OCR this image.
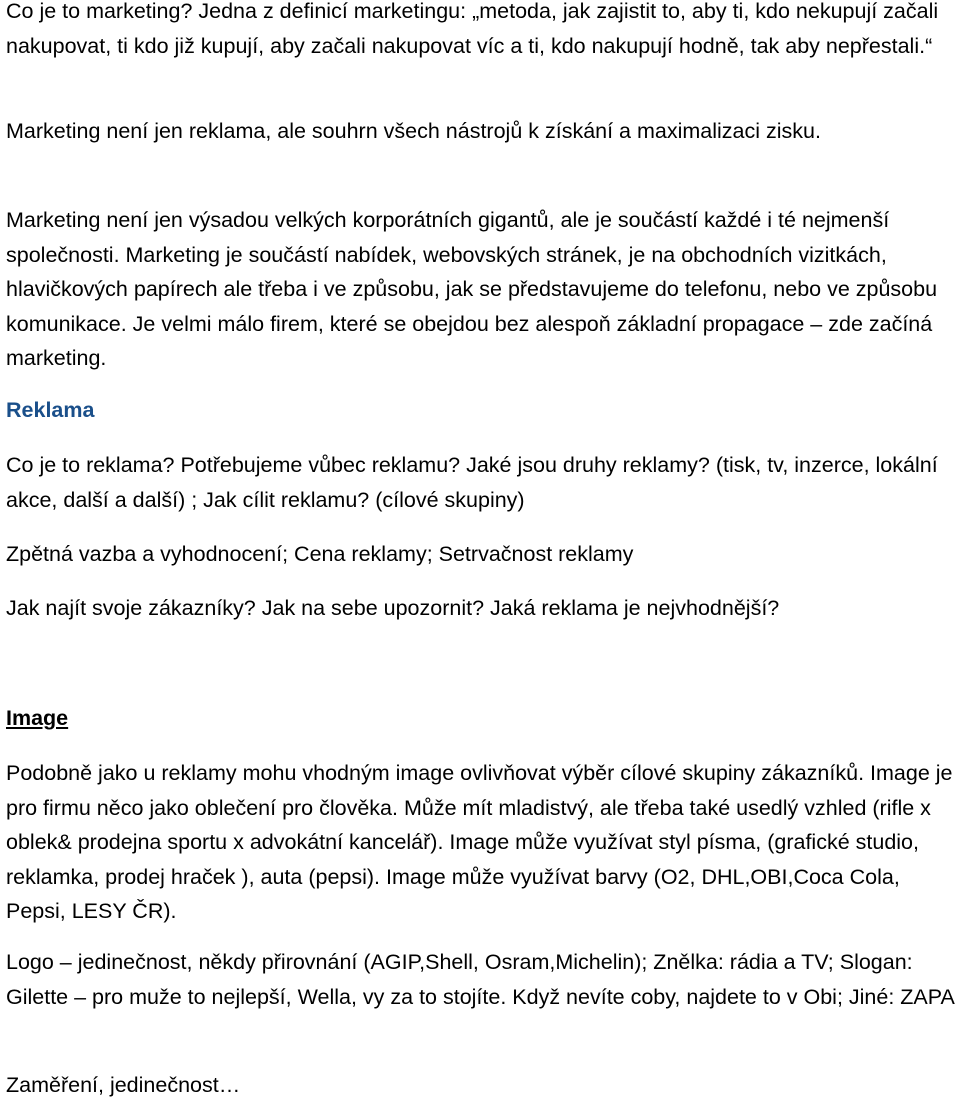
Co je to marketing? Jedna z definicí marketingu: „metoda, jak zajistit to, aby ti, kdo nekupují začali nakupovat, ti kdo již kupují, aby začali nakupovat víc a ti, kdo nakupují hodně, tak aby nepřestali.“
Marketing není jen reklama, ale souhrn všech nástrojů k získání a maximalizaci zisku.
Marketing není jen výsadou velkých korporátních gigantů, ale je součástí každé i té nejmenší společnosti. Marketing je součástí nabídek, webovských stránek, je na obchodních vizitkách, hlavičkových papírech ale třeba i ve způsobu, jak se představujeme do telefonu, nebo ve způsobu komunikace. Je velmi málo firem, které se obejdou bez alespoň základní propagace – zde začíná marketing.
Reklama
Co je to reklama? Potřebujeme vůbec reklamu? Jaké jsou druhy reklamy? (tisk, tv, inzerce, lokální akce, další a další) ; Jak cílit reklamu? (cílové skupiny)
Zpětná vazba a vyhodnocení; Cena reklamy; Setrvačnost reklamy
Jak najít svoje zákazníky? Jak na sebe upozornit? Jaká reklama je nejvhodnější?
Image
Podobně jako u reklamy mohu vhodným image ovlivňovat výběr cílové skupiny zákazníků. Image je pro firmu něco jako oblečení pro člověka. Může mít mladistvý, ale třeba také usedlý vzhled (rifle x oblek& prodejna sportu x advokátní kancelář). Image může využívat styl písma, (grafické studio, reklamka, prodej hraček ), auta (pepsi). Image může využívat barvy (O2, DHL,OBI,Coca Cola, Pepsi, LESY ČR).
Logo – jedinečnost, někdy přirovnání (AGIP,Shell, Osram,Michelin); Znělka: rádia a TV; Slogan: Gilette – pro muže to nejlepší, Wella, vy za to stojíte. Když nevíte coby, najdete to v Obi; Jiné: ZAPA
Zaměření, jedinečnost…
